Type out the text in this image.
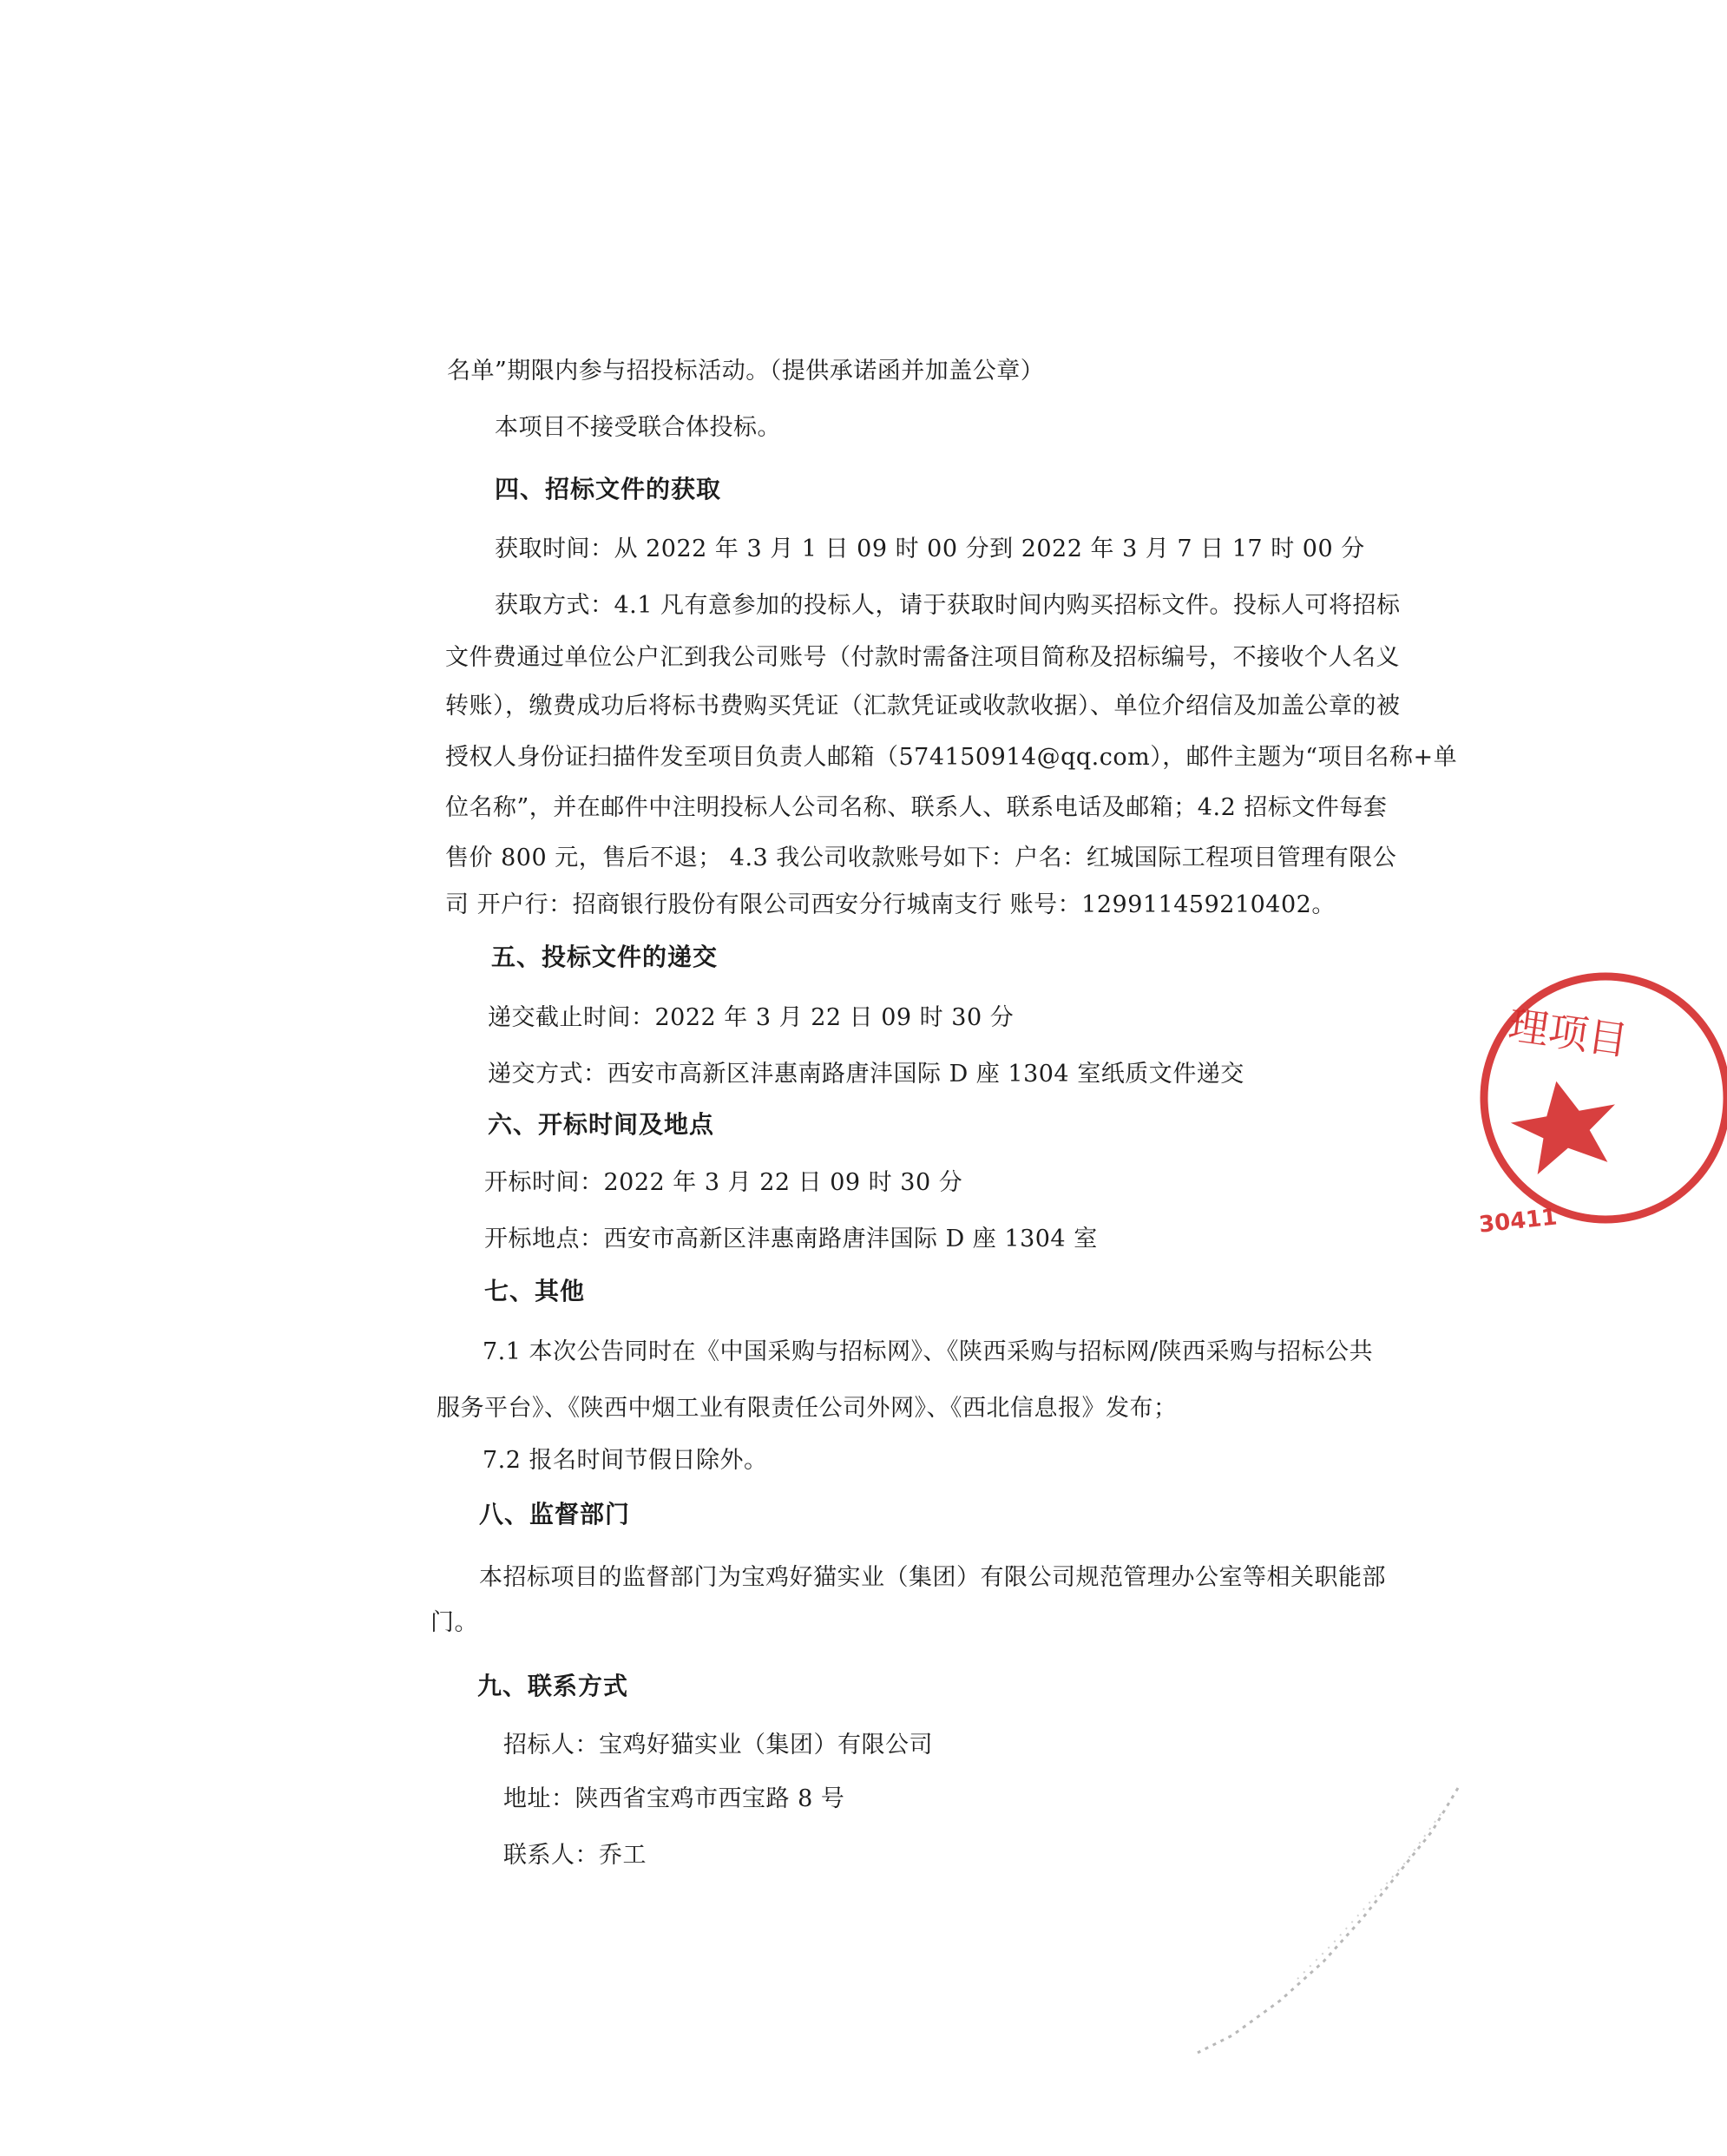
名单”期限内参与招投标活动。（提供承诺函并加盖公章）
本项目不接受联合体投标。
四、招标文件的获取
获取时间：从 2022 年 3 月 1 日 09 时 00 分到 2022 年 3 月 7 日 17 时 00 分
获取方式：4.1 凡有意参加的投标人，请于获取时间内购买招标文件。投标人可将招标
文件费通过单位公户汇到我公司账号（付款时需备注项目简称及招标编号，不接收个人名义
转账），缴费成功后将标书费购买凭证（汇款凭证或收款收据）、单位介绍信及加盖公章的被
授权人身份证扫描件发至项目负责人邮箱（574150914@qq.com），邮件主题为“项目名称+单
位名称”，并在邮件中注明投标人公司名称、联系人、联系电话及邮箱；4.2 招标文件每套
售价 800 元，售后不退； 4.3 我公司收款账号如下：户名：红城国际工程项目管理有限公
司 开户行：招商银行股份有限公司西安分行城南支行 账号：129911459210402。
五、投标文件的递交
递交截止时间：2022 年 3 月 22 日 09 时 30 分
递交方式：西安市高新区沣惠南路唐沣国际 D 座 1304 室纸质文件递交
六、开标时间及地点
开标时间：2022 年 3 月 22 日 09 时 30 分
开标地点：西安市高新区沣惠南路唐沣国际 D 座 1304 室
七、其他
7.1 本次公告同时在《中国采购与招标网》、《陕西采购与招标网/陕西采购与招标公共
服务平台》、《陕西中烟工业有限责任公司外网》、《西北信息报》发布；
7.2 报名时间节假日除外。
八、监督部门
本招标项目的监督部门为宝鸡好猫实业（集团）有限公司规范管理办公室等相关职能部
门。
九、联系方式
招标人：宝鸡好猫实业（集团）有限公司
地址：陕西省宝鸡市西宝路 8 号
联系人：乔工
理项目
30411
